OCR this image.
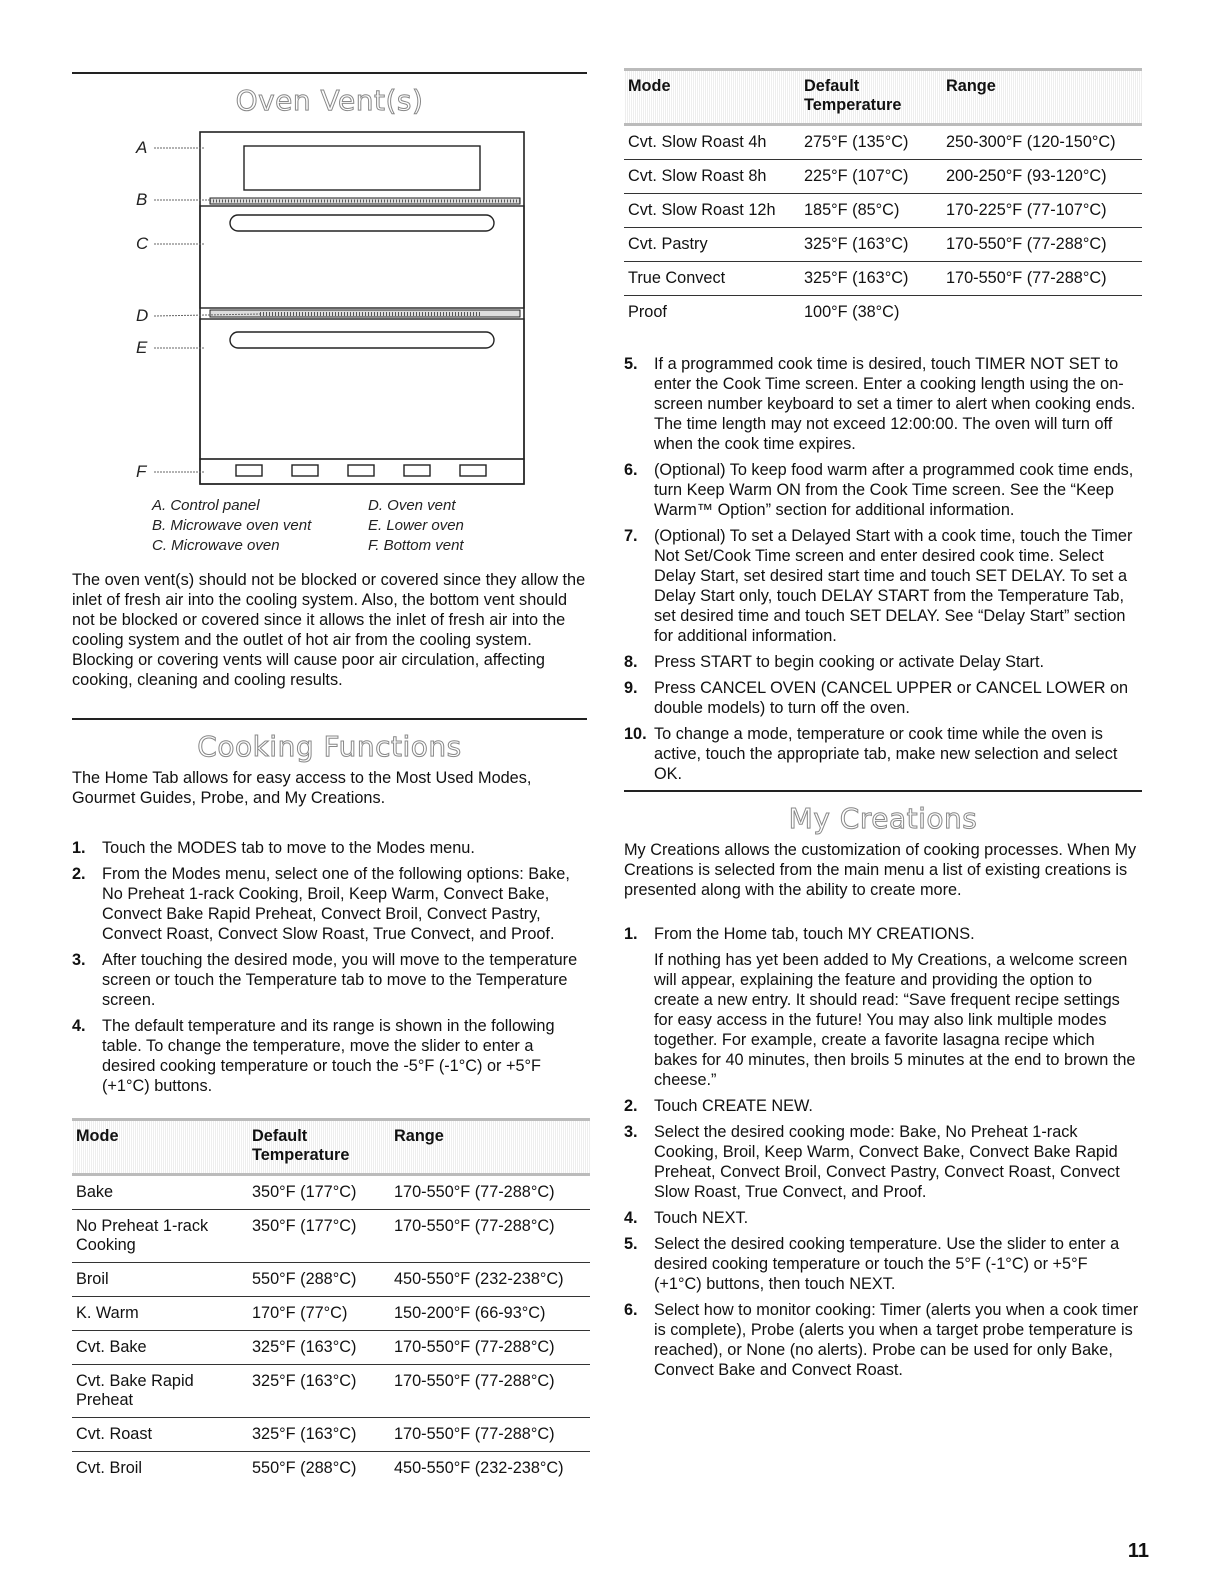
Oven Vent(s)
A
B
C
D
E
F
A. Control panel
B. Microwave oven vent
C. Microwave oven
D. Oven vent
E. Lower oven
F. Bottom vent

The oven vent(s) should not be blocked or covered since they allow the inlet of fresh air into the cooling system. Also, the bottom vent should not be blocked or covered since it allows the inlet of fresh air into the cooling system and the outlet of hot air from the cooling system. Blocking or covering vents will cause poor air circulation, affecting cooking, cleaning and cooling results.

Cooking Functions

The Home Tab allows for easy access to the Most Used Modes, Gourmet Guides, Probe, and My Creations.

1. Touch the MODES tab to move to the Modes menu.
2. From the Modes menu, select one of the following options: Bake, No Preheat 1-rack Cooking, Broil, Keep Warm, Convect Bake, Convect Bake Rapid Preheat, Convect Broil, Convect Pastry, Convect Roast, Convect Slow Roast, True Convect, and Proof.
3. After touching the desired mode, you will move to the temperature screen or touch the Temperature tab to move to the Temperature screen.
4. The default temperature and its range is shown in the following table. To change the temperature, move the slider to enter a desired cooking temperature or touch the -5°F (-1°C) or +5°F (+1°C) buttons.
Mode	Default Temperature	Range
Bake	350°F (177°C)	170-550°F (77-288°C)
No Preheat 1-rack Cooking	350°F (177°C)	170-550°F (77-288°C)
Broil	550°F (288°C)	450-550°F (232-238°C)
K. Warm	170°F (77°C)	150-200°F (66-93°C)
Cvt. Bake	325°F (163°C)	170-550°F (77-288°C)
Cvt. Bake Rapid Preheat	325°F (163°C)	170-550°F (77-288°C)
Cvt. Roast	325°F (163°C)	170-550°F (77-288°C)
Cvt. Broil	550°F (288°C)	450-550°F (232-238°C)
Mode	Default Temperature	Range
Cvt. Slow Roast 4h	275°F (135°C)	250-300°F (120-150°C)
Cvt. Slow Roast 8h	225°F (107°C)	200-250°F (93-120°C)
Cvt. Slow Roast 12h	185°F (85°C)	170-225°F (77-107°C)
Cvt. Pastry	325°F (163°C)	170-550°F (77-288°C)
True Convect	325°F (163°C)	170-550°F (77-288°C)
Proof	100°F (38°C)	
5. If a programmed cook time is desired, touch TIMER NOT SET to enter the Cook Time screen. Enter a cooking length using the on-screen number keyboard to set a timer to alert when cooking ends. The time length may not exceed 12:00:00. The oven will turn off when the cook time expires.
6. (Optional) To keep food warm after a programmed cook time ends, turn Keep Warm ON from the Cook Time screen. See the “Keep Warm™ Option” section for additional information.
7. (Optional) To set a Delayed Start with a cook time, touch the Timer Not Set/Cook Time screen and enter desired cook time. Select Delay Start, set desired start time and touch SET DELAY. To set a Delay Start only, touch DELAY START from the Temperature Tab, set desired time and touch SET DELAY. See “Delay Start” section for additional information.
8. Press START to begin cooking or activate Delay Start.
9. Press CANCEL OVEN (CANCEL UPPER or CANCEL LOWER on double models) to turn off the oven.
10. To change a mode, temperature or cook time while the oven is active, touch the appropriate tab, make new selection and select OK.
My Creations

My Creations allows the customization of cooking processes. When My Creations is selected from the main menu a list of existing creations is presented along with the ability to create more.

1. From the Home tab, touch MY CREATIONS.
If nothing has yet been added to My Creations, a welcome screen will appear, explaining the feature and providing the option to create a new entry. It should read: “Save frequent recipe settings for easy access in the future! You may also link multiple modes together. For example, create a favorite lasagna recipe which bakes for 40 minutes, then broils 5 minutes at the end to brown the cheese.”
2. Touch CREATE NEW.
3. Select the desired cooking mode: Bake, No Preheat 1-rack Cooking, Broil, Keep Warm, Convect Bake, Convect Bake Rapid Preheat, Convect Broil, Convect Pastry, Convect Roast, Convect Slow Roast, True Convect, and Proof.
4. Touch NEXT.
5. Select the desired cooking temperature. Use the slider to enter a desired cooking temperature or touch the 5°F (-1°C) or +5°F (+1°C) buttons, then touch NEXT.
6. Select how to monitor cooking: Timer (alerts you when a cook timer is complete), Probe (alerts you when a target probe temperature is reached), or None (no alerts). Probe can be used for only Bake, Convect Bake and Convect Roast.
11
